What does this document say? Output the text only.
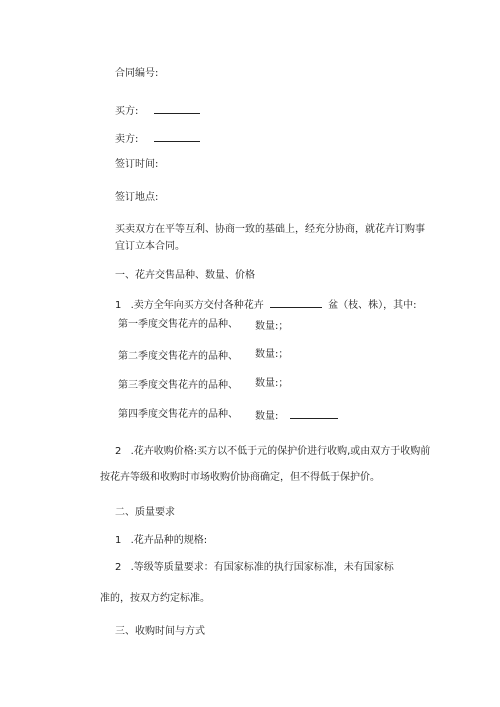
合同编号:
买方:
卖方:
签订时间:
签订地点:
买卖双方在平等互利、协商一致的基础上，经充分协商，就花卉订购事
宜订立本合同。
一、花卉交售品种、数量、价格
1 .卖方全年向买方交付各种花卉	盆（枝、株），其中:
第一季度交售花卉的品种、 数量:；
第二季度交售花卉的品种、 数量:；
第三季度交售花卉的品种、 数量:；
第四季度交售花卉的品种、 数量:
2 .花卉收购价格:买方以不低于元的保护价进行收购,或由双方于收购前
按花卉等级和收购时市场收购价协商确定，但不得低于保护价。
二、质量要求
1 .花卉品种的规格:
2 .等级等质量要求：有国家标准的执行国家标准，未有国家标
准的，按双方约定标准。
三、收购时间与方式
